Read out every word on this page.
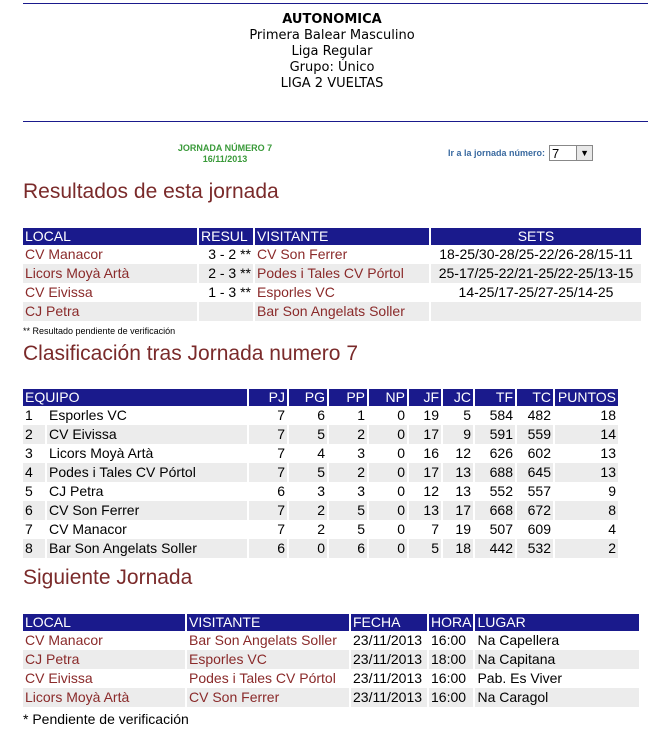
AUTONOMICA
Primera Balear Masculino
Liga Regular
Grupo: Único
LIGA 2 VUELTAS
JORNADA NÚMERO 7
16/11/2013
Ir a la jornada número: 7	▼
Resultados de esta jornada
LOCAL	RESUL	VISITANTE	SETS
CV Manacor	3 - 2 **	CV Son Ferrer	18-25/30-28/25-22/26-28/15-11
Licors Moyà Artà	2 - 3 **	Podes i Tales CV Pórtol	25-17/25-22/21-25/22-25/13-15
CV Eivissa	1 - 3 **	Esporles VC	14-25/17-25/27-25/14-25
CJ Petra		Bar Son Angelats Soller	
** Resultado pendiente de verificación
Clasificación tras Jornada numero 7
EQUIPO		PJ	PG	PP	NP	JF	JC	TF	TC	PUNTOS
1	Esporles VC	7	6	1	0	19	5	584	482	18
2	CV Eivissa	7	5	2	0	17	9	591	559	14
3	Licors Moyà Artà	7	4	3	0	16	12	626	602	13
4	Podes i Tales CV Pórtol	7	5	2	0	17	13	688	645	13
5	CJ Petra	6	3	3	0	12	13	552	557	9
6	CV Son Ferrer	7	2	5	0	13	17	668	672	8
7	CV Manacor	7	2	5	0	7	19	507	609	4
8	Bar Son Angelats Soller	6	0	6	0	5	18	442	532	2
Siguiente Jornada
LOCAL	VISITANTE	FECHA	HORA	LUGAR
CV Manacor	Bar Son Angelats Soller	23/11/2013	16:00	Na Capellera
CJ Petra	Esporles VC	23/11/2013	18:00	Na Capitana
CV Eivissa	Podes i Tales CV Pórtol	23/11/2013	16:00	Pab. Es Viver
Licors Moyà Artà	CV Son Ferrer	23/11/2013	16:00	Na Caragol
* Pendiente de verificación
